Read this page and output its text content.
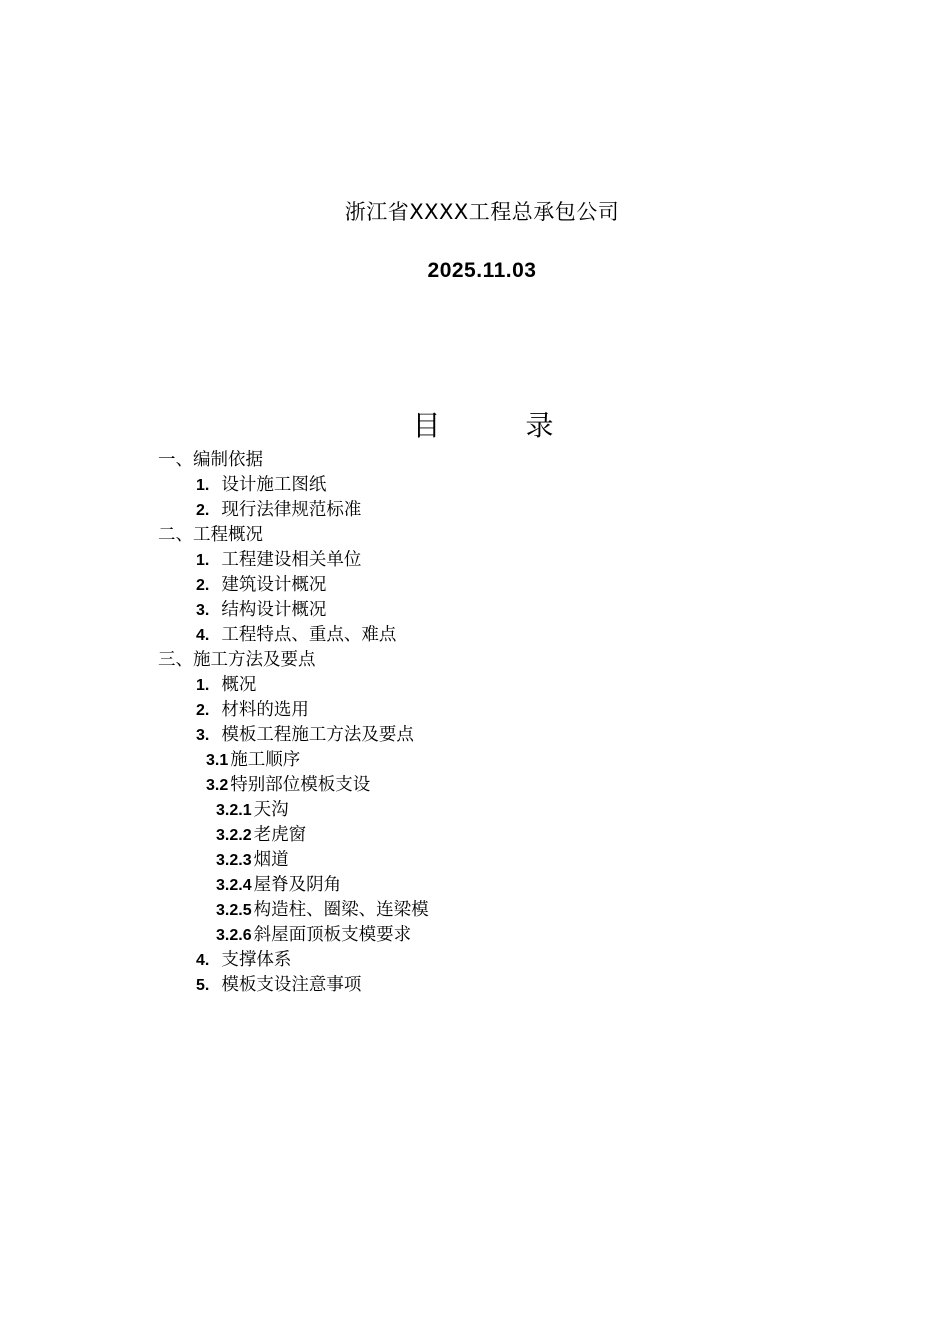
浙江省XXXX工程总承包公司
2025.11.03
目 录
一、编制依据
1. 设计施工图纸
2. 现行法律规范标准
二、工程概况
1. 工程建设相关单位
2. 建筑设计概况
3. 结构设计概况
4. 工程特点、重点、难点
三、施工方法及要点
1. 概况
2. 材料的选用
3. 模板工程施工方法及要点
3.1 施工顺序
3.2 特别部位模板支设
3.2.1 天沟
3.2.2 老虎窗
3.2.3 烟道
3.2.4 屋脊及阴角
3.2.5 构造柱、圈梁、连梁模
3.2.6 斜屋面顶板支模要求
4. 支撑体系
5. 模板支设注意事项
